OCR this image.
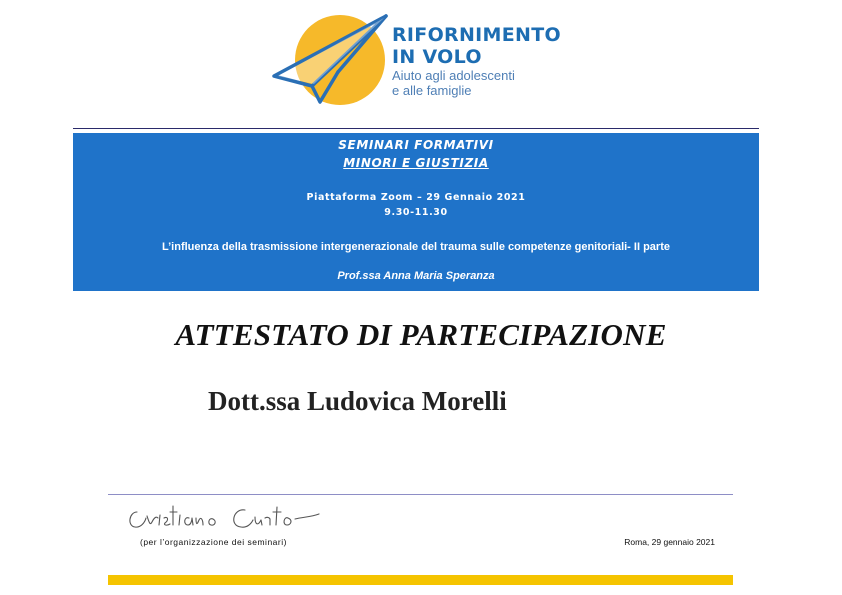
RIFORNIMENTO
IN VOLO
Aiuto agli adolescenti
e alle famiglie
SEMINARI FORMATIVI
MINORI E GIUSTIZIA
Piattaforma Zoom – 29 Gennaio 2021
9.30-11.30
L’influenza della trasmissione intergenerazionale del trauma sulle competenze genitoriali- II parte
Prof.ssa Anna Maria Speranza
ATTESTATO DI PARTECIPAZIONE
Dott.ssa Ludovica Morelli
(per l’organizzazione dei seminari)	Roma, 29 gennaio 2021
